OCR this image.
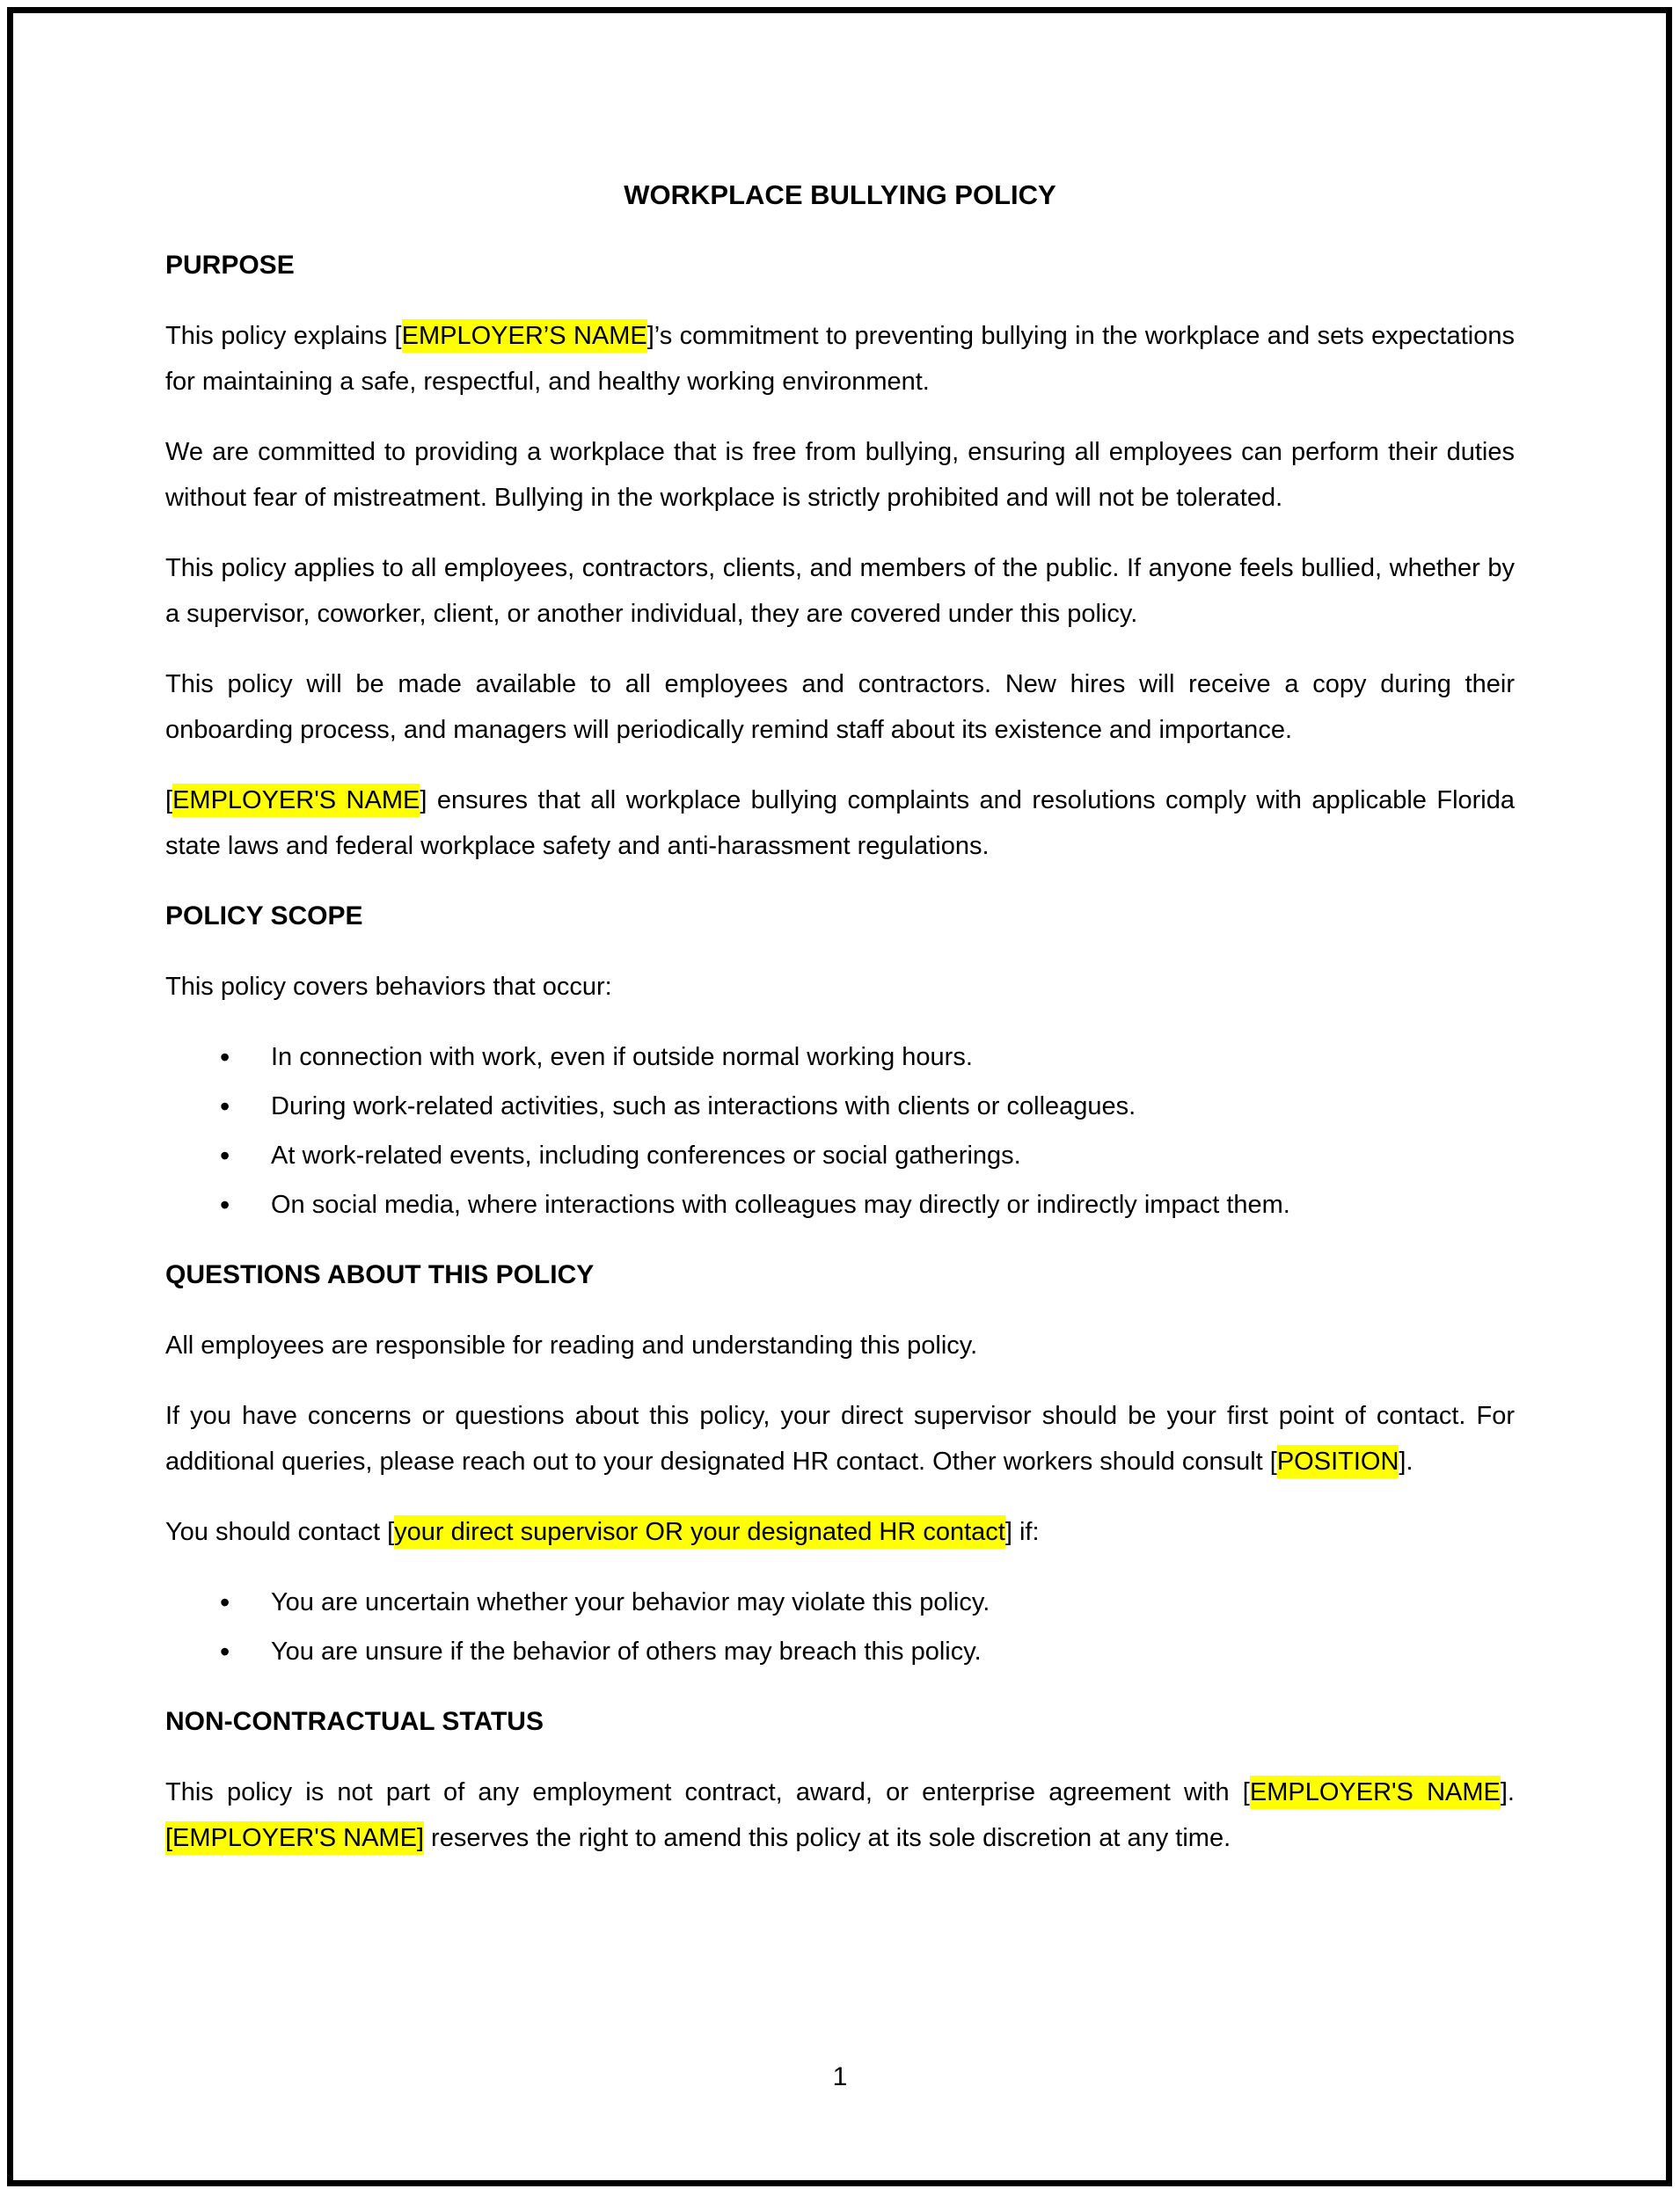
WORKPLACE BULLYING POLICY
PURPOSE

This policy explains [EMPLOYER’S NAME]’s commitment to preventing bullying in the workplace and sets expectations for maintaining a safe, respectful, and healthy working environment.

We are committed to providing a workplace that is free from bullying, ensuring all employees can perform their duties without fear of mistreatment. Bullying in the workplace is strictly prohibited and will not be tolerated.

This policy applies to all employees, contractors, clients, and members of the public. If anyone feels bullied, whether by a supervisor, coworker, client, or another individual, they are covered under this policy.

This policy will be made available to all employees and contractors. New hires will receive a copy during their onboarding process, and managers will periodically remind staff about its existence and importance.

[EMPLOYER'S NAME] ensures that all workplace bullying complaints and resolutions comply with applicable Florida state laws and federal workplace safety and anti-harassment regulations.

POLICY SCOPE

This policy covers behaviors that occur:

• In connection with work, even if outside normal working hours.
• During work-related activities, such as interactions with clients or colleagues.
• At work-related events, including conferences or social gatherings.
• On social media, where interactions with colleagues may directly or indirectly impact them.
QUESTIONS ABOUT THIS POLICY

All employees are responsible for reading and understanding this policy.

If you have concerns or questions about this policy, your direct supervisor should be your first point of contact. For additional queries, please reach out to your designated HR contact. Other workers should consult [POSITION].

You should contact [your direct supervisor OR your designated HR contact] if:

• You are uncertain whether your behavior may violate this policy.
• You are unsure if the behavior of others may breach this policy.
NON-CONTRACTUAL STATUS

This policy is not part of any employment contract, award, or enterprise agreement with [EMPLOYER'S NAME]. [EMPLOYER'S NAME] reserves the right to amend this policy at its sole discretion at any time.

1
